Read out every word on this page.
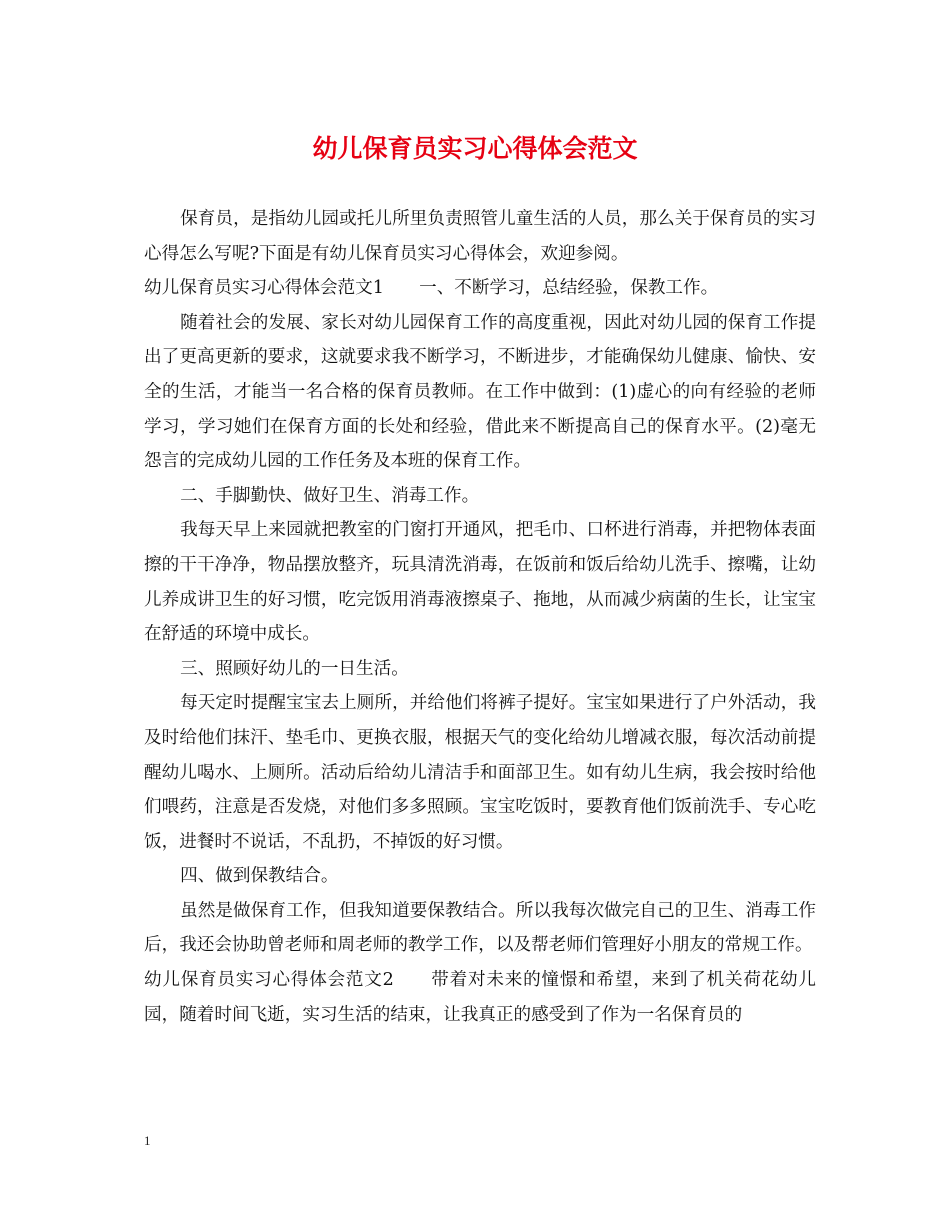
幼儿保育员实习心得体会范文

保育员，是指幼儿园或托儿所里负责照管儿童生活的人员，那么关于保育员的实习心得怎么写呢?下面是有幼儿保育员实习心得体会，欢迎参阅。

幼儿保育员实习心得体会范文1　　一、不断学习，总结经验，保教工作。

随着社会的发展、家长对幼儿园保育工作的高度重视，因此对幼儿园的保育工作提出了更高更新的要求，这就要求我不断学习，不断进步，才能确保幼儿健康、愉快、安全的生活，才能当一名合格的保育员教师。在工作中做到：(1)虚心的向有经验的老师学习，学习她们在保育方面的长处和经验，借此来不断提高自己的保育水平。(2)毫无怨言的完成幼儿园的工作任务及本班的保育工作。

二、手脚勤快、做好卫生、消毒工作。

我每天早上来园就把教室的门窗打开通风，把毛巾、口杯进行消毒，并把物体表面擦的干干净净，物品摆放整齐，玩具清洗消毒，在饭前和饭后给幼儿洗手、擦嘴，让幼儿养成讲卫生的好习惯，吃完饭用消毒液擦桌子、拖地，从而减少病菌的生长，让宝宝在舒适的环境中成长。

三、照顾好幼儿的一日生活。

每天定时提醒宝宝去上厕所，并给他们将裤子提好。宝宝如果进行了户外活动，我及时给他们抹汗、垫毛巾、更换衣服，根据天气的变化给幼儿增减衣服，每次活动前提醒幼儿喝水、上厕所。活动后给幼儿清洁手和面部卫生。如有幼儿生病，我会按时给他们喂药，注意是否发烧，对他们多多照顾。宝宝吃饭时，要教育他们饭前洗手、专心吃饭，进餐时不说话，不乱扔，不掉饭的好习惯。

四、做到保教结合。

虽然是做保育工作，但我知道要保教结合。所以我每次做完自己的卫生、消毒工作后，我还会协助曾老师和周老师的教学工作，以及帮老师们管理好小朋友的常规工作。

幼儿保育员实习心得体会范文2　　带着对未来的憧憬和希望，来到了机关荷花幼儿园，随着时间飞逝，实习生活的结束，让我真正的感受到了作为一名保育员的

1
